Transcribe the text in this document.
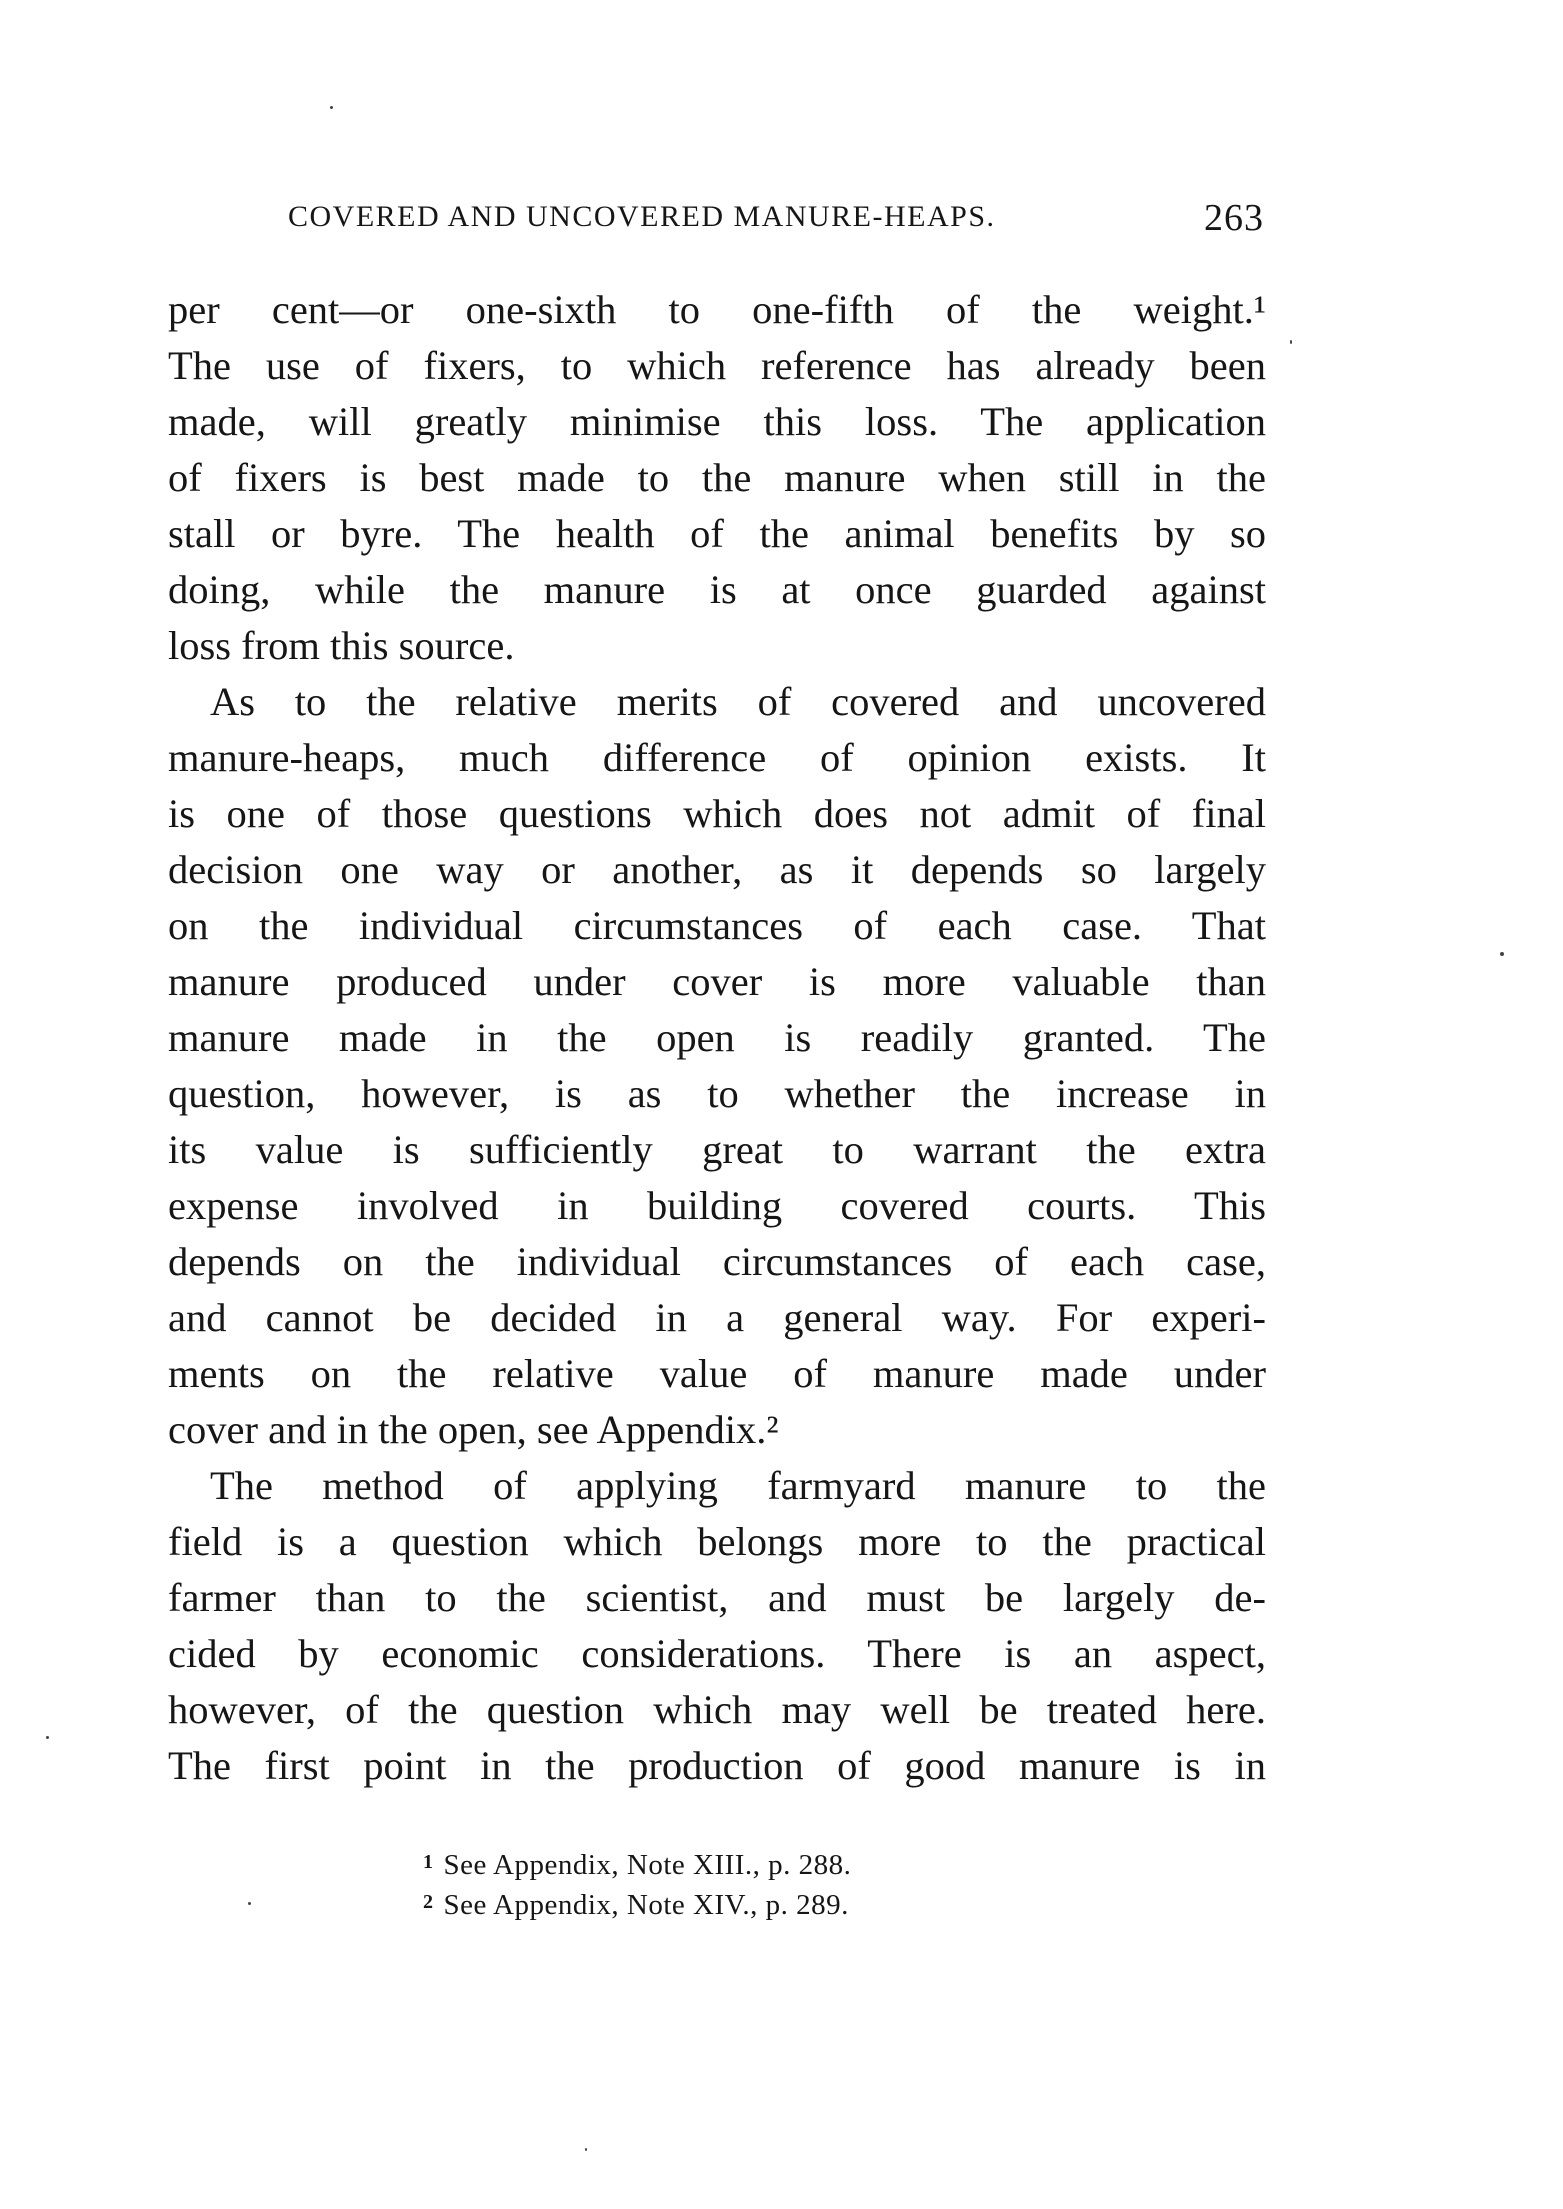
COVERED AND UNCOVERED MANURE-HEAPS.	263
per cent—or one-sixth to one-fifth of the weight.¹
The use of fixers, to which reference has already been
made, will greatly minimise this loss. The application
of fixers is best made to the manure when still in the
stall or byre. The health of the animal benefits by so
doing, while the manure is at once guarded against
loss from this source.
As to the relative merits of covered and uncovered
manure-heaps, much difference of opinion exists. It
is one of those questions which does not admit of final
decision one way or another, as it depends so largely
on the individual circumstances of each case. That
manure produced under cover is more valuable than
manure made in the open is readily granted. The
question, however, is as to whether the increase in
its value is sufficiently great to warrant the extra
expense involved in building covered courts. This
depends on the individual circumstances of each case,
and cannot be decided in a general way. For experi-
ments on the relative value of manure made under
cover and in the open, see Appendix.²
The method of applying farmyard manure to the
field is a question which belongs more to the practical
farmer than to the scientist, and must be largely de-
cided by economic considerations. There is an aspect,
however, of the question which may well be treated here.
The first point in the production of good manure is in
$^1$ See Appendix, Note XIII., p. 288.
$^2$ See Appendix, Note XIV., p. 289.
